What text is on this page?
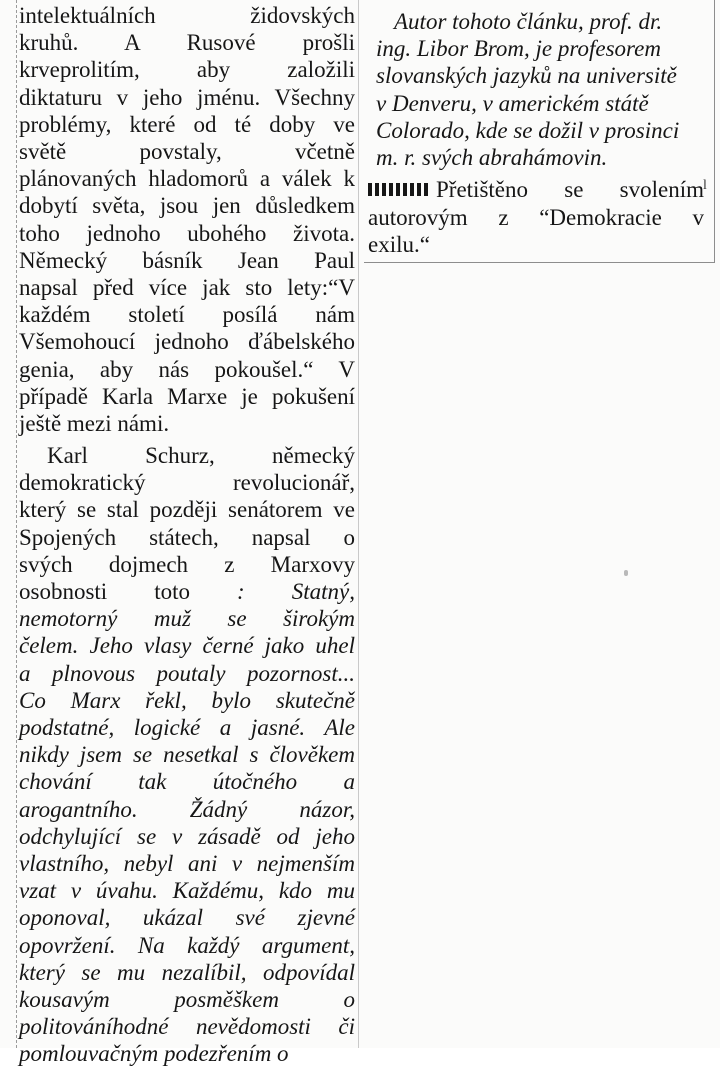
intelektuálních židovských
kruhů. A Rusové prošli
krveprolitím, aby založili
diktaturu v jeho jménu. Všechny
problémy, které od té doby ve
světě povstaly, včetně
plánovaných hladomorů a válek k
dobytí světa, jsou jen důsledkem
toho jednoho ubohého života.
Německý básník Jean Paul
napsal před více jak sto lety:“V
každém století posílá nám
Všemohoucí jednoho ďábelského
genia, aby nás pokoušel.“ V
případě Karla Marxe je pokušení
ještě mezi námi.

Karl Schurz, německý
demokratický revolucionář,
který se stal později senátorem ve
Spojených státech, napsal o
svých dojmech z Marxovy
osobnosti toto : Statný,
nemotorný muž se širokým
čelem. Jeho vlasy černé jako uhel
a plnovous poutaly pozornost...
Co Marx řekl, bylo skutečně
podstatné, logické a jasné. Ale
nikdy jsem se nesetkal s člověkem
chování tak útočného a
arogantního. Žádný názor,
odchylující se v zásadě od jeho
vlastního, nebyl ani v nejmenším
vzat v úvahu. Každému, kdo mu
oponoval, ukázal své zjevné
opovržení. Na každý argument,
který se mu nezalíbil, odpovídal
kousavým posměškem o
politováníhodné nevědomosti či
pomlouvačným podezřením o

Autor tohoto článku, prof. dr.
ing. Libor Brom, je profesorem
slovanských jazyků na universitě
v Denveru, v americkém státě
Colorado, kde se dožil v prosinci
m. r. svých abrahámovin.

Přetištěno se svolením
autorovým z “Demokracie v
exilu.“

l
